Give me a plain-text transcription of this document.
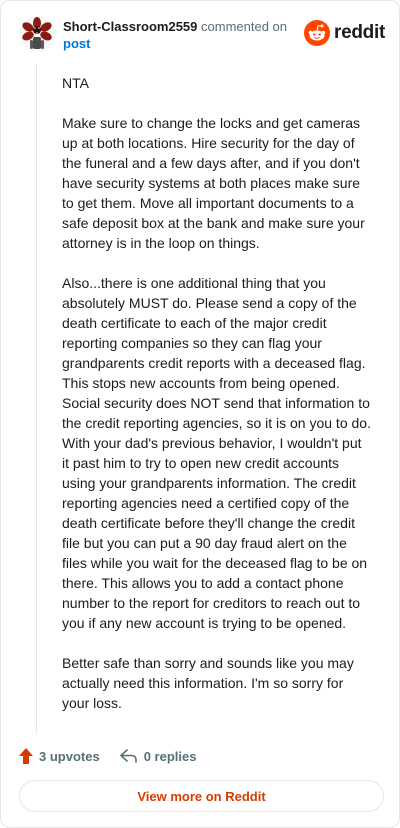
Short-Classroom2559 commented on
post
reddit

NTA

Make sure to change the locks and get cameras up at both locations. Hire security for the day of the funeral and a few days after, and if you don't have security systems at both places make sure to get them. Move all important documents to a safe deposit box at the bank and make sure your attorney is in the loop on things.

Also...there is one additional thing that you absolutely MUST do. Please send a copy of the death certificate to each of the major credit reporting companies so they can flag your grandparents credit reports with a deceased flag. This stops new accounts from being opened. Social security does NOT send that information to the credit reporting agencies, so it is on you to do. With your dad's previous behavior, I wouldn't put it past him to try to open new credit accounts using your grandparents information. The credit reporting agencies need a certified copy of the death certificate before they'll change the credit file but you can put a 90 day fraud alert on the files while you wait for the deceased flag to be on there. This allows you to add a contact phone number to the report for creditors to reach out to you if any new account is trying to be opened.

Better safe than sorry and sounds like you may actually need this information. I'm so sorry for your loss.

3 upvotes	0 replies
View more on Reddit
